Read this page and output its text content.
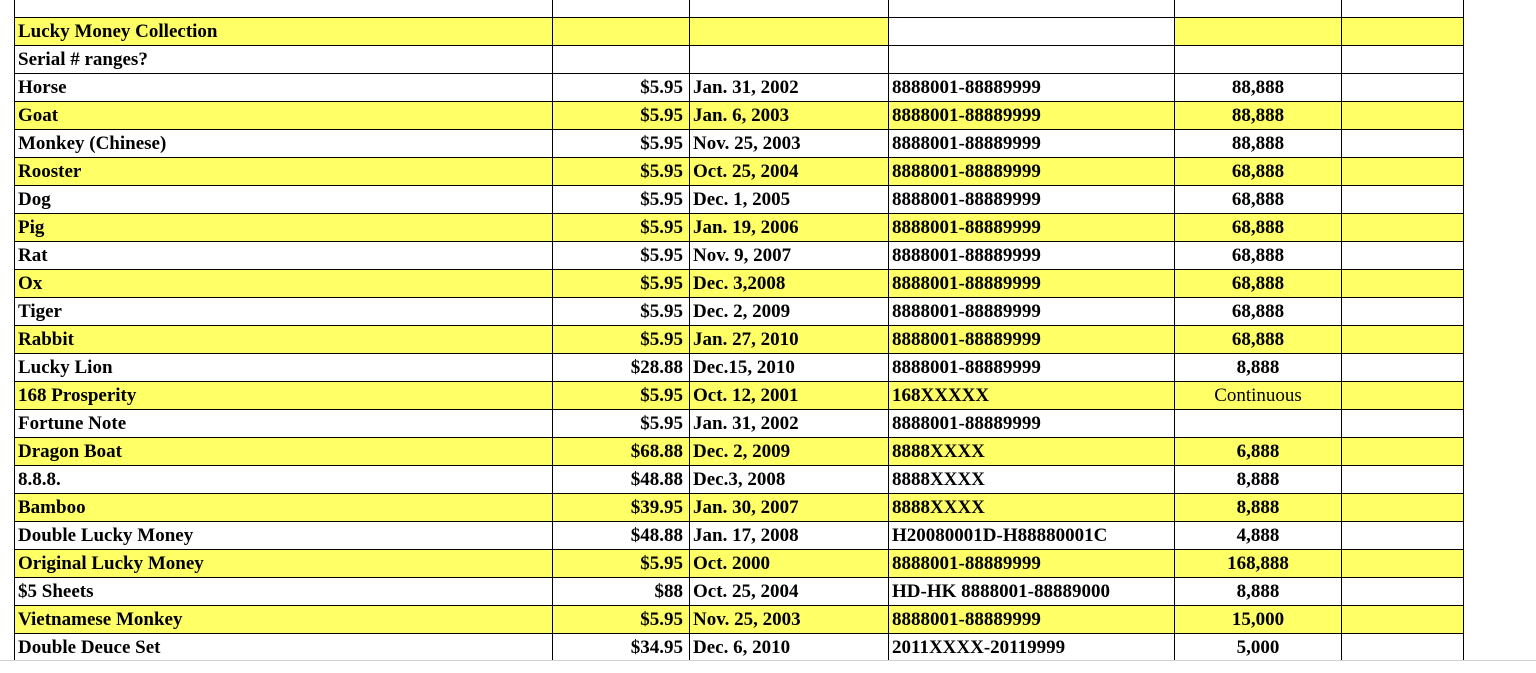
Lucky Money Collection					
Serial # ranges?					
Horse	$5.95	Jan. 31, 2002	8888001-88889999	88,888	
Goat	$5.95	Jan. 6, 2003	8888001-88889999	88,888	
Monkey (Chinese)	$5.95	Nov. 25, 2003	8888001-88889999	88,888	
Rooster	$5.95	Oct. 25, 2004	8888001-88889999	68,888	
Dog	$5.95	Dec. 1, 2005	8888001-88889999	68,888	
Pig	$5.95	Jan. 19, 2006	8888001-88889999	68,888	
Rat	$5.95	Nov. 9, 2007	8888001-88889999	68,888	
Ox	$5.95	Dec. 3,2008	8888001-88889999	68,888	
Tiger	$5.95	Dec. 2, 2009	8888001-88889999	68,888	
Rabbit	$5.95	Jan. 27, 2010	8888001-88889999	68,888	
Lucky Lion	$28.88	Dec.15, 2010	8888001-88889999	8,888	
168 Prosperity	$5.95	Oct. 12, 2001	168XXXXX	Continuous	
Fortune Note	$5.95	Jan. 31, 2002	8888001-88889999		
Dragon Boat	$68.88	Dec. 2, 2009	8888XXXX	6,888	
8.8.8.	$48.88	Dec.3, 2008	8888XXXX	8,888	
Bamboo	$39.95	Jan. 30, 2007	8888XXXX	8,888	
Double Lucky Money	$48.88	Jan. 17, 2008	H20080001D-H88880001C	4,888	
Original Lucky Money	$5.95	Oct. 2000	8888001-88889999	168,888	
$5 Sheets	$88	Oct. 25, 2004	HD-HK 8888001-88889000	8,888	
Vietnamese Monkey	$5.95	Nov. 25, 2003	8888001-88889999	15,000	
Double Deuce Set	$34.95	Dec. 6, 2010	2011XXXX-20119999	5,000	
